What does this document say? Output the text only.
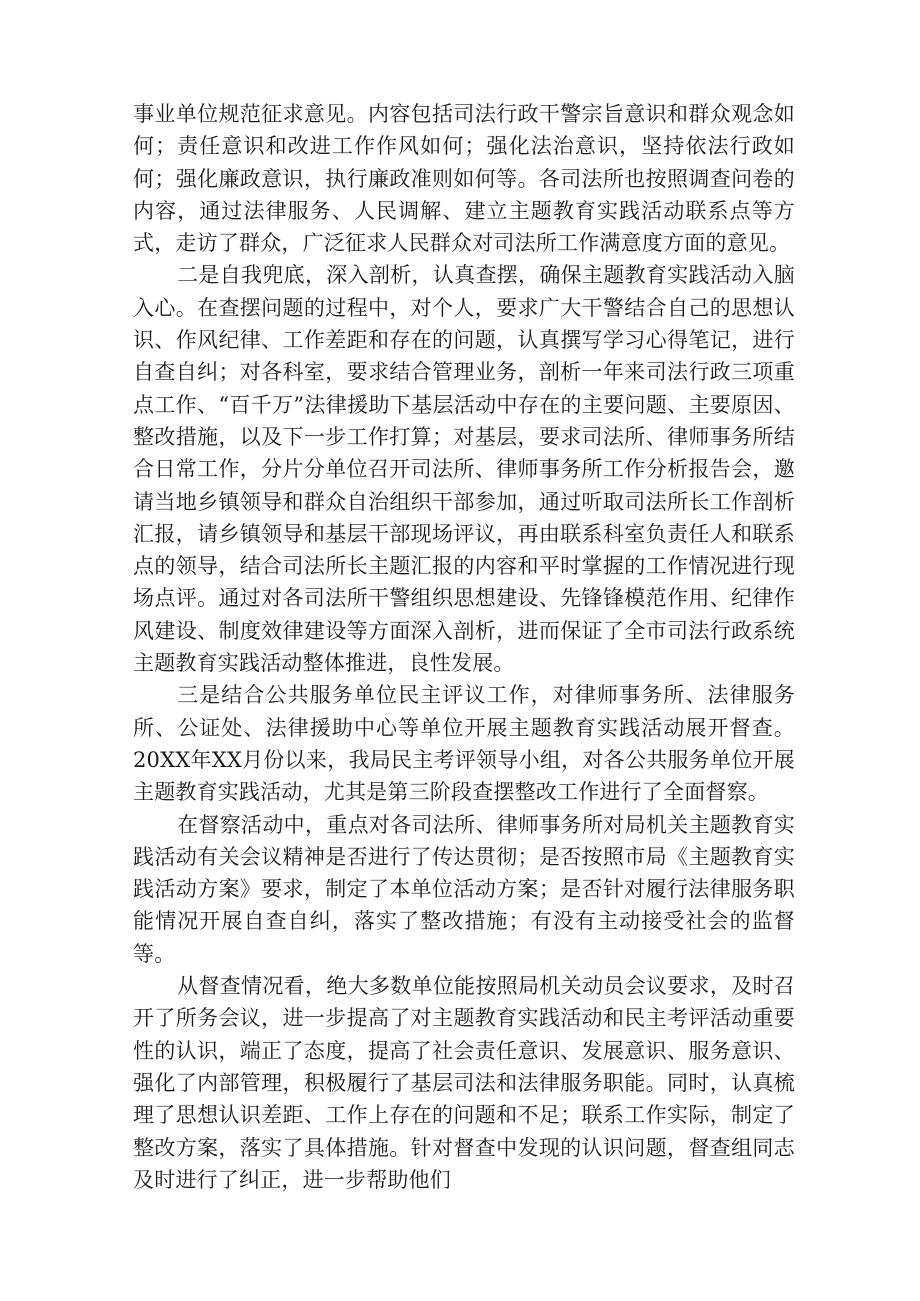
事业单位规范征求意见。内容包括司法行政干警宗旨意识和群众观念如何；责任意识和改进工作作风如何；强化法治意识，坚持依法行政如何；强化廉政意识，执行廉政准则如何等。各司法所也按照调查问卷的内容，通过法律服务、人民调解、建立主题教育实践活动联系点等方式，走访了群众，广泛征求人民群众对司法所工作满意度方面的意见。

二是自我兜底，深入剖析，认真查摆，确保主题教育实践活动入脑入心。在查摆问题的过程中，对个人，要求广大干警结合自己的思想认识、作风纪律、工作差距和存在的问题，认真撰写学习心得笔记，进行自查自纠；对各科室，要求结合管理业务，剖析一年来司法行政三项重点工作、“百千万”法律援助下基层活动中存在的主要问题、主要原因、整改措施，以及下一步工作打算；对基层，要求司法所、律师事务所结合日常工作，分片分单位召开司法所、律师事务所工作分析报告会，邀请当地乡镇领导和群众自治组织干部参加，通过听取司法所长工作剖析汇报，请乡镇领导和基层干部现场评议，再由联系科室负责任人和联系点的领导，结合司法所长主题汇报的内容和平时掌握的工作情况进行现场点评。通过对各司法所干警组织思想建设、先锋锋模范作用、纪律作风建设、制度效律建设等方面深入剖析，进而保证了全市司法行政系统主题教育实践活动整体推进，良性发展。

三是结合公共服务单位民主评议工作，对律师事务所、法律服务所、公证处、法律援助中心等单位开展主题教育实践活动展开督查。20XX年XX月份以来，我局民主考评领导小组，对各公共服务单位开展主题教育实践活动，尤其是第三阶段查摆整改工作进行了全面督察。

在督察活动中，重点对各司法所、律师事务所对局机关主题教育实践活动有关会议精神是否进行了传达贯彻；是否按照市局《主题教育实践活动方案》要求，制定了本单位活动方案；是否针对履行法律服务职能情况开展自查自纠，落实了整改措施；有没有主动接受社会的监督等。

从督查情况看，绝大多数单位能按照局机关动员会议要求，及时召开了所务会议，进一步提高了对主题教育实践活动和民主考评活动重要性的认识，端正了态度，提高了社会责任意识、发展意识、服务意识、强化了内部管理，积极履行了基层司法和法律服务职能。同时，认真梳理了思想认识差距、工作上存在的问题和不足；联系工作实际，制定了整改方案，落实了具体措施。针对督查中发现的认识问题，督查组同志及时进行了纠正，进一步帮助他们
